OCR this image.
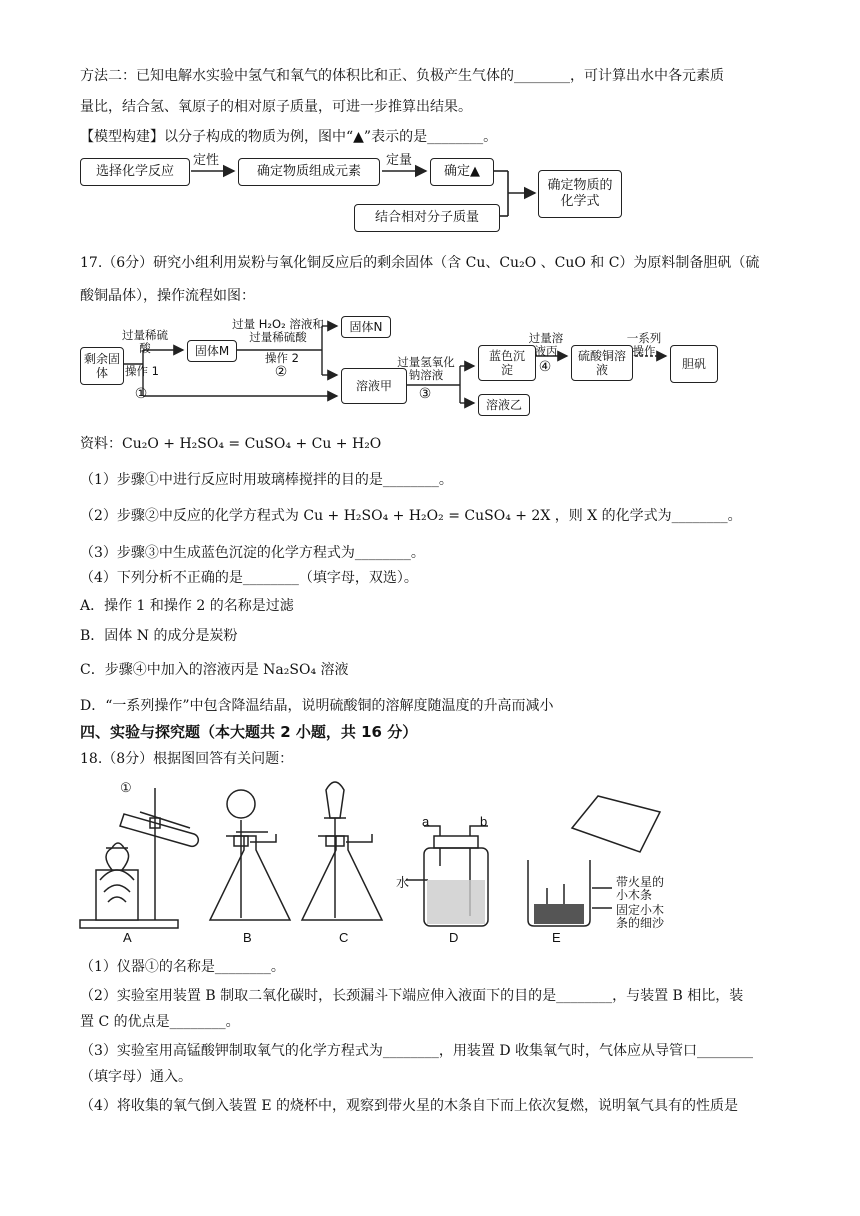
方法二：已知电解水实验中氢气和氧气的体积比和正、负极产生气体的________，可计算出水中各元素质
量比，结合氢、氧原子的相对原子质量，可进一步推算出结果。
【模型构建】以分子构成的物质为例，图中“▲”表示的是________。
选择化学反应	确定物质组成元素	确定▲
确定物质的化学式
结合相对分子质量
定性	定量
17.（6分）研究小组利用炭粉与氧化铜反应后的剩余固体（含 Cu、Cu₂O 、CuO 和 C）为原料制备胆矾（硫
酸铜晶体），操作流程如图：
剩余固体
固体M
固体N
溶液甲
蓝色沉淀
硫酸铜溶液
溶液乙
胆矾
过量稀硫酸
操作 1
①
过量 H₂O₂ 溶液和过量稀硫酸
操作 2
②
过量氢氧化钠溶液
③
过量溶液丙
④
一系列操作
资料：Cu₂O + H₂SO₄ = CuSO₄ + Cu + H₂O
（1）步骤①中进行反应时用玻璃棒搅拌的目的是________。
（2）步骤②中反应的化学方程式为 Cu + H₂SO₄ + H₂O₂ = CuSO₄ + 2X ，则 X 的化学式为________。
（3）步骤③中生成蓝色沉淀的化学方程式为________。
（4）下列分析不正确的是________（填字母，双选）。
A．操作 1 和操作 2 的名称是过滤
B．固体 N 的成分是炭粉
C．步骤④中加入的溶液丙是 Na₂SO₄ 溶液
D．“一系列操作”中包含降温结晶，说明硫酸铜的溶解度随温度的升高而减小
四、实验与探究题（本大题共 2 小题，共 16 分）
18.（8分）根据图回答有关问题：
A	B	C	D	E
①
a	b
水	带火星的小木条
固定小木条的细沙
（1）仪器①的名称是________。
（2）实验室用装置 B 制取二氧化碳时，长颈漏斗下端应伸入液面下的目的是________，与装置 B 相比，装
置 C 的优点是________。
（3）实验室用高锰酸钾制取氧气的化学方程式为________，用装置 D 收集氧气时，气体应从导管口________
（填字母）通入。
（4）将收集的氧气倒入装置 E 的烧杯中，观察到带火星的木条自下而上依次复燃，说明氧气具有的性质是
